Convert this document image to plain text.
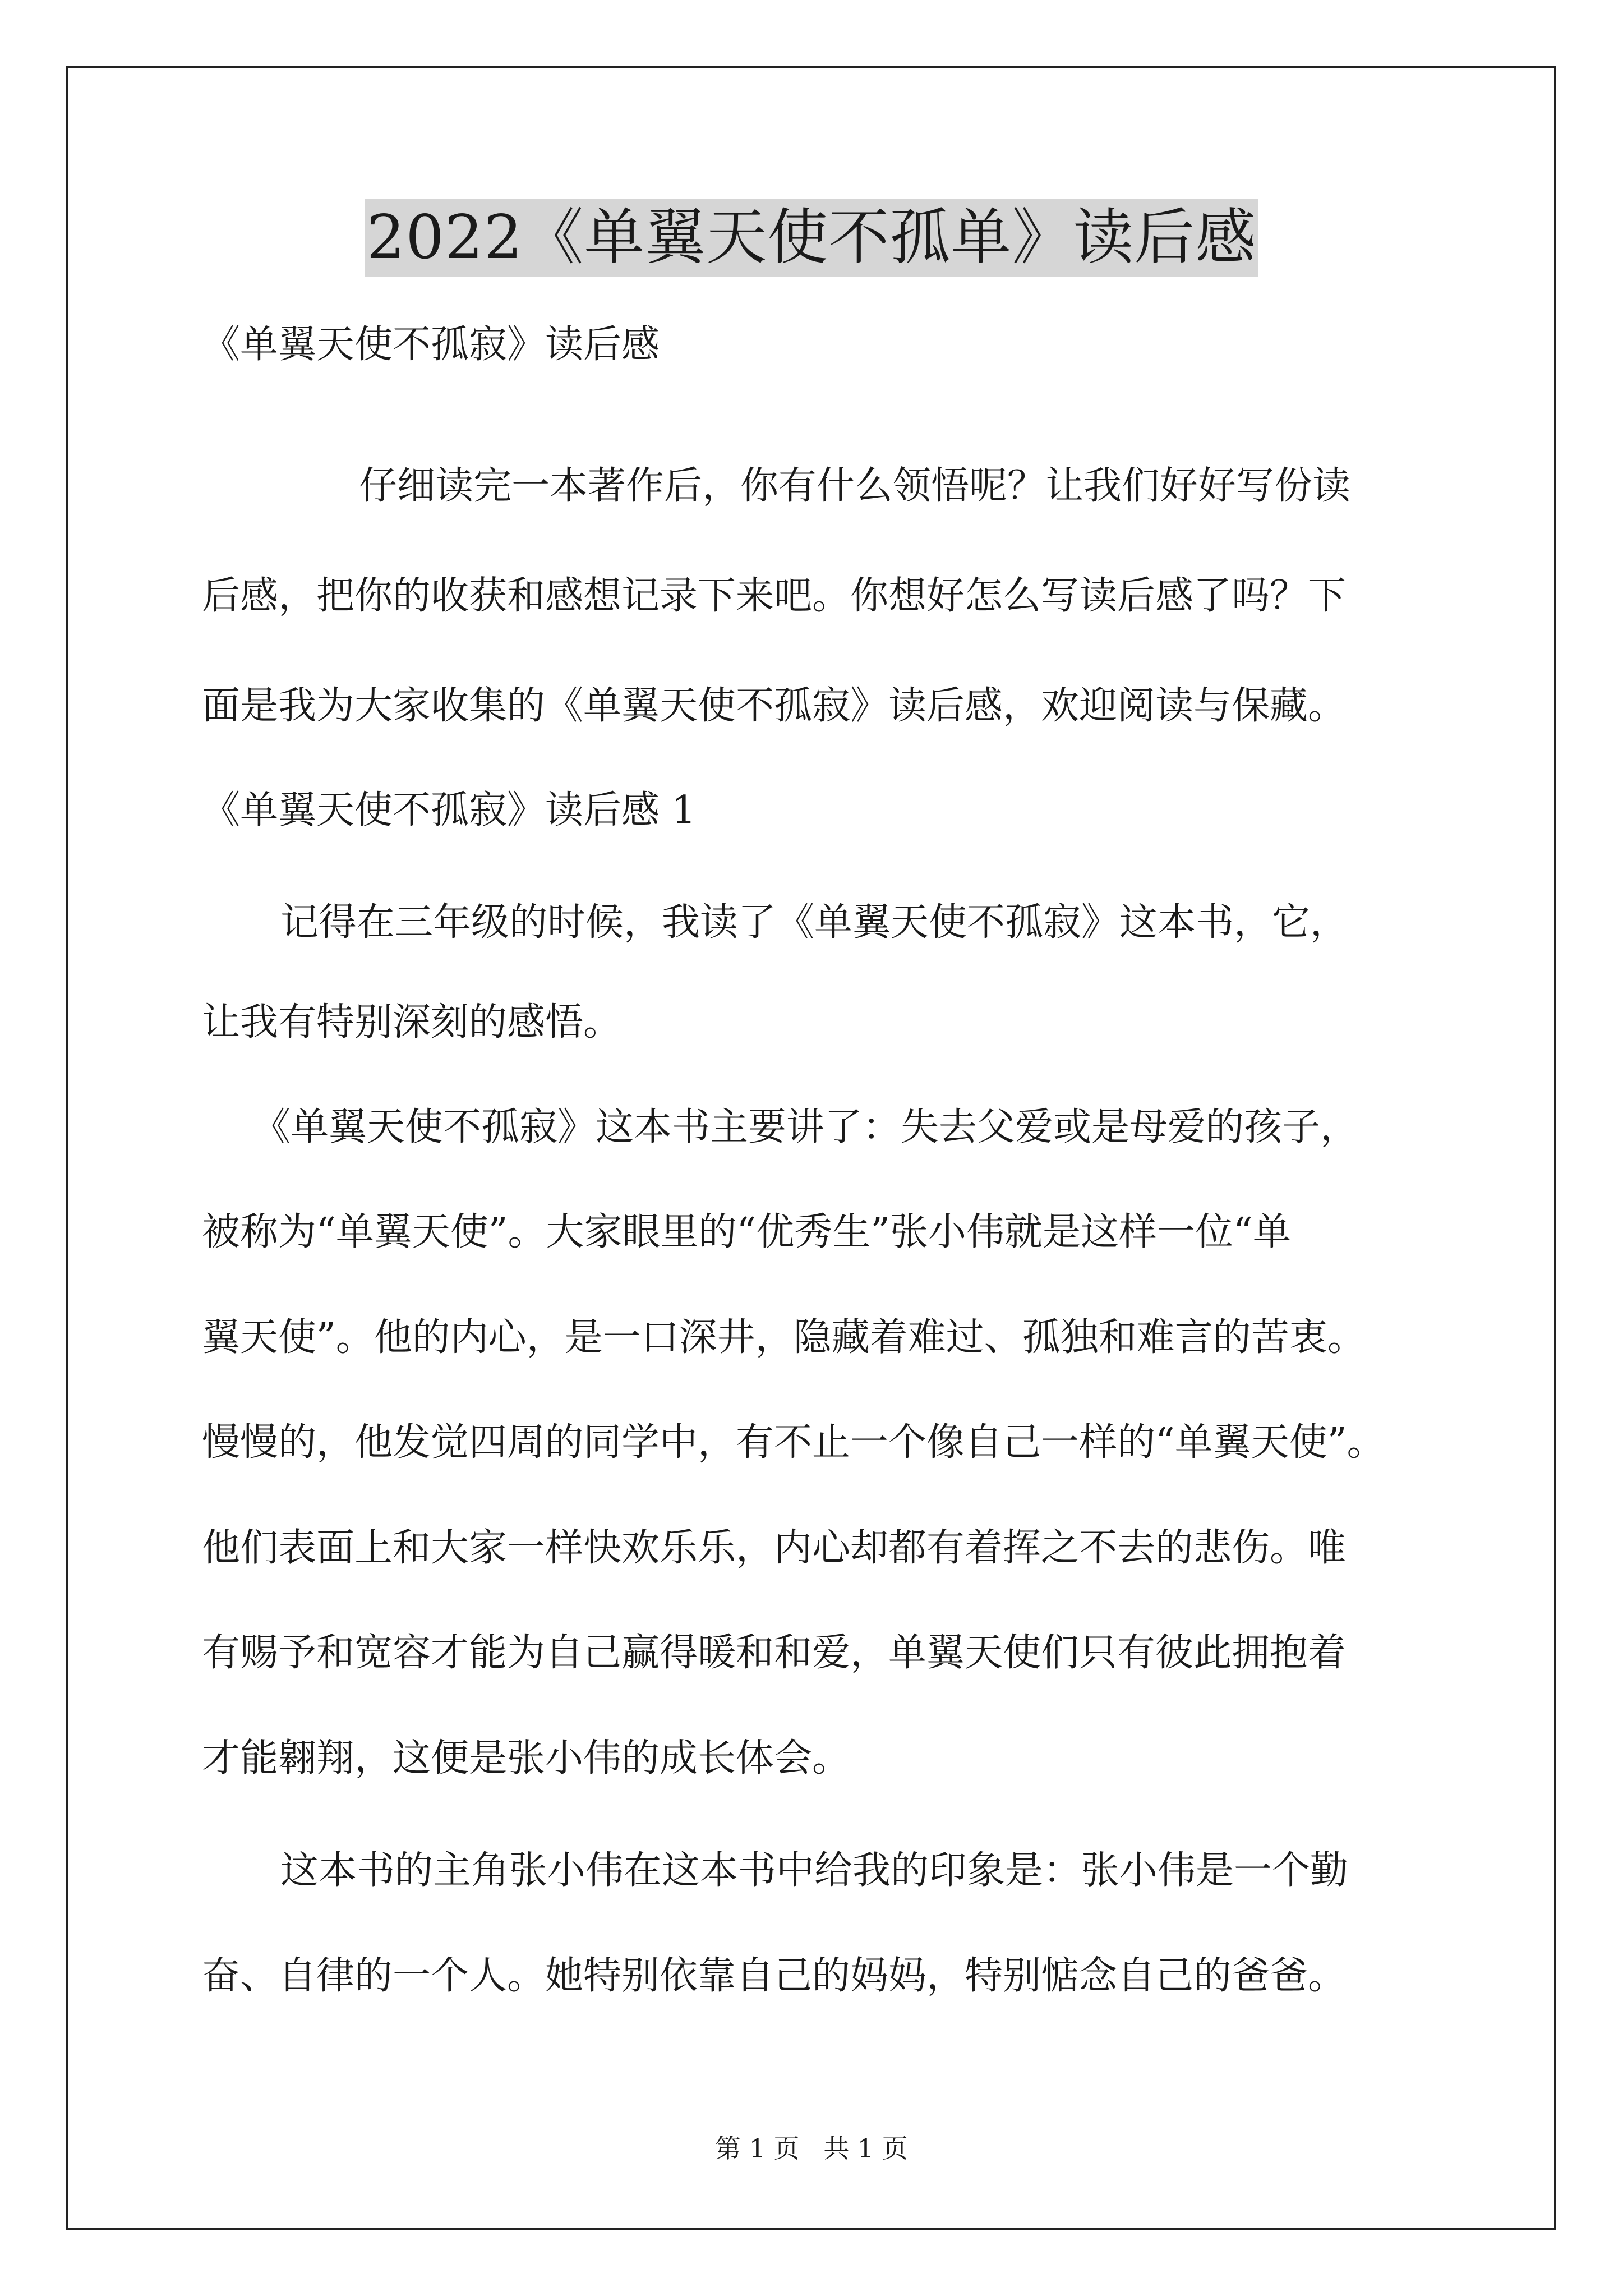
2022《单翼天使不孤单》读后感
《单翼天使不孤寂》读后感
仔细读完一本著作后，你有什么领悟呢？让我们好好写份读
后感，把你的收获和感想记录下来吧。你想好怎么写读后感了吗？下
面是我为大家收集的《单翼天使不孤寂》读后感，欢迎阅读与保藏。
《单翼天使不孤寂》读后感 1
记得在三年级的时候，我读了《单翼天使不孤寂》这本书，它，
让我有特别深刻的感悟。
《单翼天使不孤寂》这本书主要讲了：失去父爱或是母爱的孩子，
被称为“单翼天使”。大家眼里的“优秀生”张小伟就是这样一位“单
翼天使”。他的内心，是一口深井，隐藏着难过、孤独和难言的苦衷。
慢慢的，他发觉四周的同学中，有不止一个像自己一样的“单翼天使”。
他们表面上和大家一样快欢乐乐，内心却都有着挥之不去的悲伤。唯
有赐予和宽容才能为自己赢得暖和和爱，单翼天使们只有彼此拥抱着
才能翱翔，这便是张小伟的成长体会。
这本书的主角张小伟在这本书中给我的印象是：张小伟是一个勤
奋、自律的一个人。她特别依靠自己的妈妈，特别惦念自己的爸爸。
第 1 页 共 1 页
